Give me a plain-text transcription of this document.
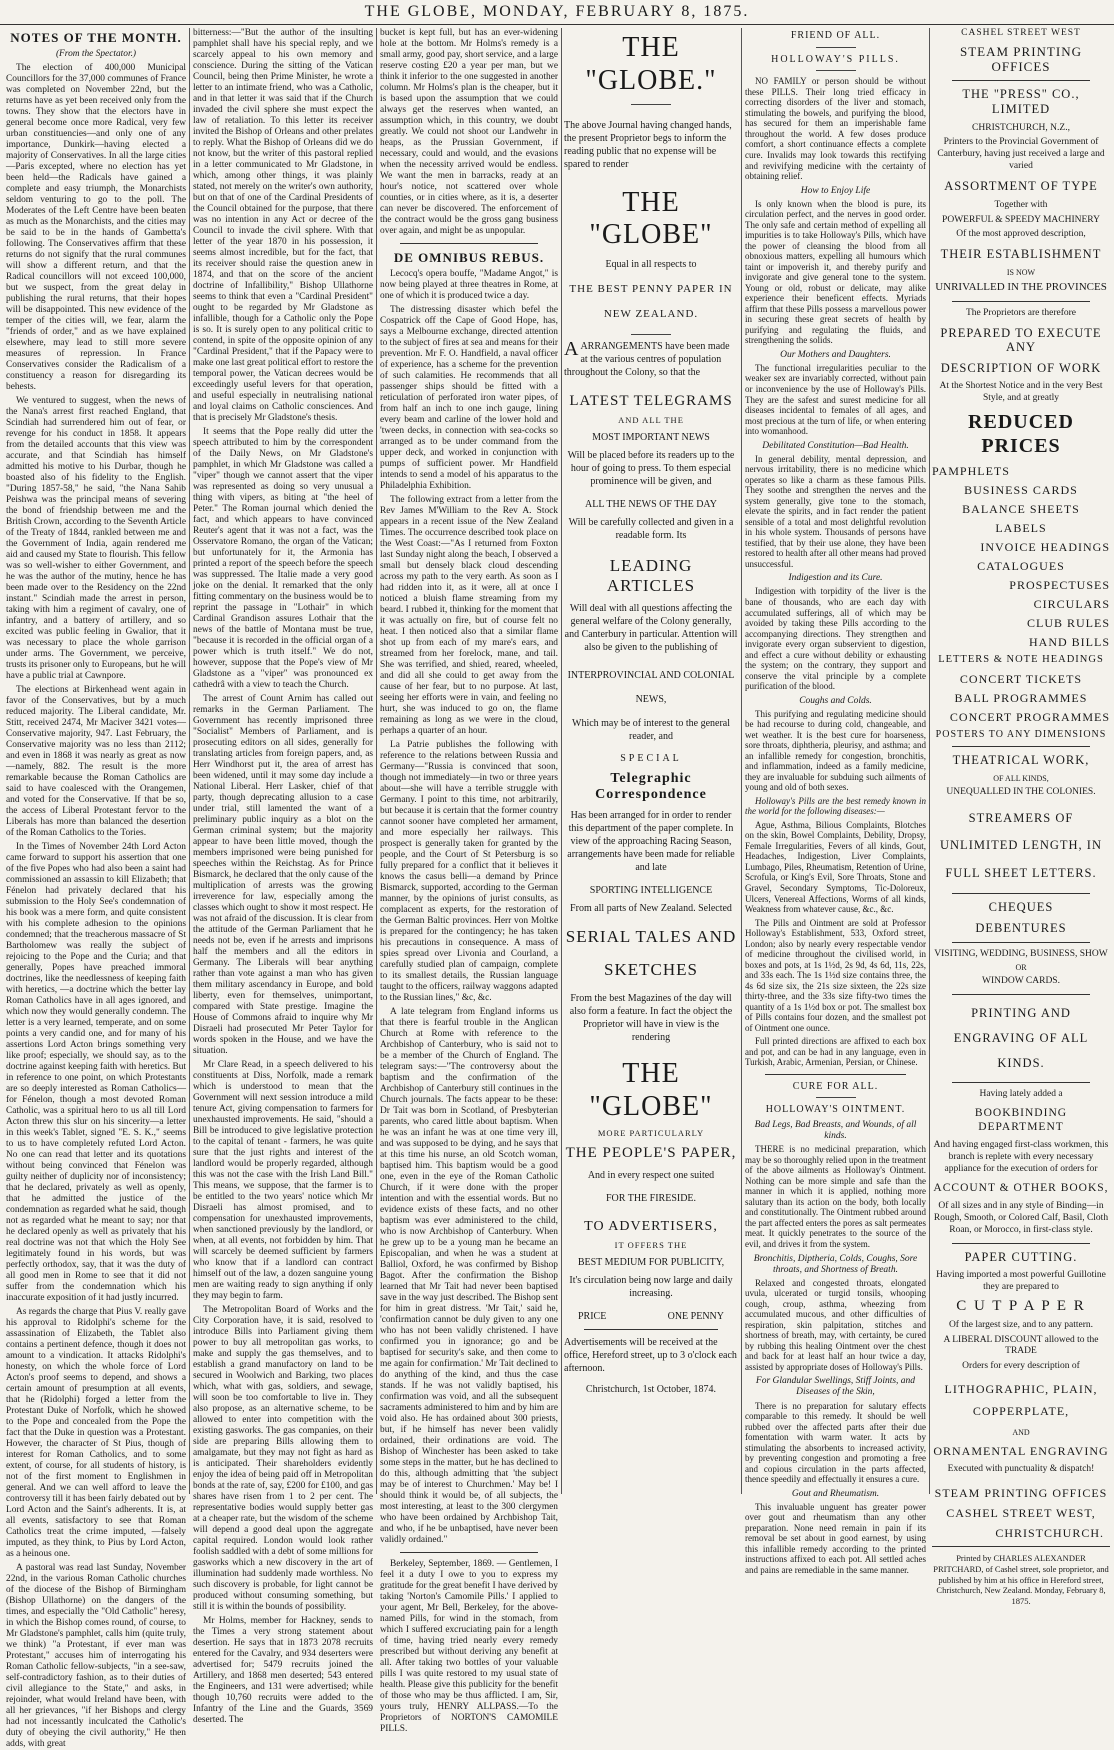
THE GLOBE, MONDAY, FEBRUARY 8, 1875.
NOTES OF THE MONTH.
(From the Spectator.)

The election of 400,000 Municipal Councillors for the 37,000 communes of France was completed on November 22nd, but the returns have as yet been received only from the towns. They show that the electors have in general become once more Radical, very few urban constituencies—and only one of any importance, Dunkirk—having elected a majority of Conservatives. In all the large cities—Paris excepted, where no election has yet been held—the Radicals have gained a complete and easy triumph, the Monarchists seldom venturing to go to the poll. The Moderates of the Left Centre have been beaten as much as the Monarchists, and the cities may be said to be in the hands of Gambetta's following. The Conservatives affirm that these returns do not signify that the rural communes will show a different return, and that the Radical councillors will not exceed 100,000, but we suspect, from the great delay in publishing the rural returns, that their hopes will be disappointed. This new evidence of the temper of the cities will, we fear, alarm the "friends of order," and as we have explained elsewhere, may lead to still more severe measures of repression. In France Conservatives consider the Radicalism of a constituency a reason for disregarding its behests.

We ventured to suggest, when the news of the Nana's arrest first reached England, that Scindiah had surrendered him out of fear, or revenge for his conduct in 1858. It appears from the detailed accounts that this view was accurate, and that Scindiah has himself admitted his motive to his Durbar, though he boasted also of his fidelity to the English. "During 1857-58," he said, "the Nana Sahib Peishwa was the principal means of severing the bond of friendship between me and the British Crown, according to the Seventh Article of the Treaty of 1844, rankled between me and the Government of India, again rendered me aid and caused my State to flourish. This fellow was so well-wisher to either Government, and he was the author of the mutiny, hence he has been made over to the Residency on the 22nd instant." Scindiah made the arrest in person, taking with him a regiment of cavalry, one of infantry, and a battery of artillery, and so excited was public feeling in Gwalior, that it was necessary to place the whole garrison under arms. The Government, we perceive, trusts its prisoner only to Europeans, but he will have a public trial at Cawnpore.

The elections at Birkenhead went again in favor of the Conservatives, but by a much reduced majority. The Liberal candidate, Mr. Stitt, received 2474, Mr Maciver 3421 votes—Conservative majority, 947. Last February, the Conservative majority was no less than 2112; and even in 1868 it was nearly as great as now—namely, 882. The result is the more remarkable because the Roman Catholics are said to have coalesced with the Orangemen, and voted for the Conservative. If that be so, the access of Liberal Protestant fervor to the Liberals has more than balanced the desertion of the Roman Catholics to the Tories.

In the Times of November 24th Lord Acton came forward to support his assertion that one of the five Popes who had also been a saint had commissioned an assassin to kill Elizabeth; that Fénelon had privately declared that his submission to the Holy See's condemnation of his book was a mere form, and quite consistent with his complete adhesion to the opinions condemned; that the treacherous massacre of St Bartholomew was really the subject of rejoicing to the Pope and the Curia; and that generally, Popes have preached immoral doctrines, like the needlessness of keeping faith with heretics, —a doctrine which the better lay Roman Catholics have in all ages ignored, and which now they would generally condemn. The letter is a very learned, temperate, and on some points a very candid one, and for many of his assertions Lord Acton brings something very like proof; especially, we should say, as to the doctrine against keeping faith with heretics. But in reference to one point, on which Protestants are so deeply interested as Roman Catholics—for Fénelon, though a most devoted Roman Catholic, was a spiritual hero to us all till Lord Acton threw this slur on his sincerity—a letter in this week's Tablet, signed "E. S. K.," seems to us to have completely refuted Lord Acton. No one can read that letter and its quotations without being convinced that Fénelon was guilty neither of duplicity nor of inconsistency; that he declared, privately as well as openly, that he admitted the justice of the condemnation as regarded what he said, though not as regarded what he meant to say; nor that he declared openly as well as privately that his real doctrine was not that which the Holy See legitimately found in his words, but was perfectly orthodox, say, that it was the duty of all good men in Rome to see that it did not suffer from the condemnation which his inaccurate exposition of it had justly incurred.

As regards the charge that Pius V. really gave his approval to Ridolphi's scheme for the assassination of Elizabeth, the Tablet also contains a pertinent defence, though it does not amount to a vindication. It attacks Ridolphi's honesty, on which the whole force of Lord Acton's proof seems to depend, and shows a certain amount of presumption at all events, that he (Ridolphi) forged a letter from the Protestant Duke of Norfolk, which he showed to the Pope and concealed from the Pope the fact that the Duke in question was a Protestant. However, the character of St Pius, though of interest for Roman Catholics, and to some extent, of course, for all students of history, is not of the first moment to Englishmen in general. And we can well afford to leave the controversy till it has been fairly debated out by Lord Acton and the Saint's adherents. It is, at all events, satisfactory to see that Roman Catholics treat the crime imputed, —falsely imputed, as they think, to Pius by Lord Acton, as a heinous one.

A pastoral was read last Sunday, November 22nd, in the various Roman Catholic churches of the diocese of the Bishop of Birmingham (Bishop Ullathorne) on the dangers of the times, and especially the "Old Catholic" heresy, in which the Bishop comes round, of course, to Mr Gladstone's pamphlet, calls him (quite truly, we think) "a Protestant, if ever man was Protestant," accuses him of interrogating his Roman Catholic fellow-subjects, "in a see-saw, self-contradictory fashion, as to their duties of civil allegiance to the State," and asks, in rejoinder, what would Ireland have been, with all her grievances, "if her Bishops and clergy had not incessantly inculcated the Catholic's duty of obeying the civil authority," He then adds, with great

bitterness:—"But the author of the insulting pamphlet shall have his special reply, and we scarcely appeal to his own memory and conscience. During the sitting of the Vatican Council, being then Prime Minister, he wrote a letter to an intimate friend, who was a Catholic, and in that letter it was said that if the Church invaded the civil sphere she must expect the law of retaliation. To this letter its receiver invited the Bishop of Orleans and other prelates to reply. What the Bishop of Orleans did we do not know, but the writer of this pastoral replied in a letter communicated to Mr Gladstone, in which, among other things, it was plainly stated, not merely on the writer's own authority, but on that of one of the Cardinal Presidents of the Council obtained for the purpose, that there was no intention in any Act or decree of the Council to invade the civil sphere. With that letter of the year 1870 in his possession, it seems almost incredible, but for the fact, that its receiver should raise the question anew in 1874, and that on the score of the ancient doctrine of Infallibility," Bishop Ullathorne seems to think that even a "Cardinal President" ought to be regarded by Mr Gladstone as infallible, though for a Catholic only the Pope is so. It is surely open to any political critic to contend, in spite of the opposite opinion of any "Cardinal President," that if the Papacy were to make one last great political effort to restore the temporal power, the Vatican decrees would be exceedingly useful levers for that operation, and useful especially in neutralising national and loyal claims on Catholic consciences. And that is precisely Mr Gladstone's thesis.

It seems that the Pope really did utter the speech attributed to him by the correspondent of the Daily News, on Mr Gladstone's pamphlet, in which Mr Gladstone was called a "viper" though we cannot assert that the viper was represented as doing so very unusual a thing with vipers, as biting at "the heel of Peter." The Roman journal which denied the fact, and which appears to have convinced Reuter's agent that it was not a fact, was the Osservatore Romano, the organ of the Vatican; but unfortunately for it, the Armonia has printed a report of the speech before the speech was suppressed. The Italie made a very good joke on the denial. It remarked that the only fitting commentary on the business would be to reprint the passage in "Lothair" in which Cardinal Grandison assures Lothair that the news of the battle of Montana must be true, "because it is recorded in the official organ of a power which is truth itself." We do not, however, suppose that the Pope's view of Mr Gladstone as a "viper" was pronounced ex cathedrâ with a view to teach the Church.

The arrest of Count Arnim has called out remarks in the German Parliament. The Government has recently imprisoned three "Socialist" Members of Parliament, and is prosecuting editors on all sides, generally for translating articles from foreign papers, and, as Herr Windhorst put it, the area of arrest has been widened, until it may some day include a National Liberal. Herr Lasker, chief of that party, though deprecating allusion to a case under trial, still lamented the want of a preliminary public inquiry as a blot on the German criminal system; but the majority appear to have been little moved, though the members imprisoned were being punished for speeches within the Reichstag. As for Prince Bismarck, he declared that the only cause of the multiplication of arrests was the growing irreverence for law, especially among the classes which ought to show it most respect. He was not afraid of the discussion. It is clear from the attitude of the German Parliament that he needs not be, even if he arrests and imprisons half the members and all the editors in Germany. The Liberals will bear anything rather than vote against a man who has given them military ascendancy in Europe, and bold liberty, even for themselves, unimportant, compared with State prestige. Imagine the House of Commons afraid to inquire why Mr Disraeli had prosecuted Mr Peter Taylor for words spoken in the House, and we have the situation.

Mr Clare Read, in a speech delivered to his constituents at Diss, Norfolk, made a remark which is understood to mean that the Government will next session introduce a mild tenure Act, giving compensation to farmers for unexhausted improvements. He said, "should a Bill be introduced to give legislative protection to the capital of tenant - farmers, he was quite sure that the just rights and interest of the landlord would be properly regarded, although this was not the case with the Irish Land Bill." This means, we suppose, that the farmer is to be entitled to the two years' notice which Mr Disraeli has almost promised, and to compensation for unexhausted improvements, when sanctioned previously by the landlord, or when, at all events, not forbidden by him. That will scarcely be deemed sufficient by farmers who know that if a landlord can contract himself out of the law, a dozen sanguine young men are waiting ready to sign anything if only they may begin to farm.

The Metropolitan Board of Works and the City Corporation have, it is said, resolved to introduce Bills into Parliament giving them power to buy all metropolitan gas works, to make and supply the gas themselves, and to establish a grand manufactory on land to be secured in Woolwich and Barking, two places which, what with gas, soldiers, and sewage, will soon be too comfortable to live in. They also propose, as an alternative scheme, to be allowed to enter into competition with the existing gasworks. The gas companies, on their side are preparing Bills allowing them to amalgamate, but they may not fight as hard as is anticipated. Their shareholders evidently enjoy the idea of being paid off in Metropolitan bonds at the rate of, say, £200 for £100, and gas shares have risen from 1 to 2 per cent. The representative bodies would supply better gas at a cheaper rate, but the wisdom of the scheme will depend a good deal upon the aggregate capital required. London would look rather foolish saddled with a debt of some millions for gasworks which a new discovery in the art of illumination had suddenly made worthless. No such discovery is probable, for light cannot be produced without consuming something, but still it is within the bounds of possibility.

Mr Holms, member for Hackney, sends to the Times a very strong statement about desertion. He says that in 1873 2078 recruits entered for the Cavalry, and 934 deserters were advertised for; 5479 recruits joined the Artillery, and 1868 men deserted; 543 entered the Engineers, and 131 were advertised; while though 10,760 recruits were added to the Infantry of the Line and the Guards, 3569 deserted. The

bucket is kept full, but has an ever-widening hole at the bottom. Mr Holms's remedy is a small army, good pay, short service, and a large reserve costing £20 a year per man, but we think it inferior to the one suggested in another column. Mr Holms's plan is the cheaper, but it is based upon the assumption that we could always get the reserves when wanted, an assumption which, in this country, we doubt greatly. We could not shoot our Landwehr in heaps, as the Prussian Government, if necessary, could and would, and the evasions when the necessity arrived would be endless. We want the men in barracks, ready at an hour's notice, not scattered over whole counties, or in cities where, as it is, a deserter can never be discovered. The enforcement of the contract would be the gross gang business over again, and might be as unpopular.

DE OMNIBUS REBUS.

Lecocq's opera bouffe, "Madame Angot," is now being played at three theatres in Rome, at one of which it is produced twice a day.

The distressing disaster which befel the Cospatrick off the Cape of Good Hope, has, says a Melbourne exchange, directed attention to the subject of fires at sea and means for their prevention. Mr F. O. Handfield, a naval officer of experience, has a scheme for the prevention of such calamities. He recommends that all passenger ships should be fitted with a reticulation of perforated iron water pipes, of from half an inch to one inch gauge, lining every beam and carline of the lower hold and 'tween decks, in connection with sea-cocks so arranged as to be under command from the upper deck, and worked in conjunction with pumps of sufficient power. Mr Handfield intends to send a model of his apparatus to the Philadelphia Exhibition.

The following extract from a letter from the Rev James M'William to the Rev A. Stock appears in a recent issue of the New Zealand Times. The occurrence described took place on the West Coast:—"As I returned from Foxton last Sunday night along the beach, I observed a small but densely black cloud descending across my path to the very earth. As soon as I had ridden into it, as it were, all at once I noticed a bluish flame streaming from my beard. I rubbed it, thinking for the moment that it was actually on fire, but of course felt no heat. I then noticed also that a similar flame shot up from each of my mare's ears, and streamed from her forelock, mane, and tail. She was terrified, and shied, reared, wheeled, and did all she could to get away from the cause of her fear, but to no purpose. At last, seeing her efforts were in vain, and feeling no hurt, she was induced to go on, the flame remaining as long as we were in the cloud, perhaps a quarter of an hour.

La Patrie publishes the following with reference to the relations between Russia and Germany—"Russia is convinced that soon, though not immediately—in two or three years about—she will have a terrible struggle with Germany. I point to this time, not arbitrarily, but because it is certain that the former country cannot sooner have completed her armament, and more especially her railways. This prospect is generally taken for granted by the people, and the Court of St Petersburg is so fully prepared for a conflict that it believes it knows the casus belli—a demand by Prince Bismarck, supported, according to the German manner, by the opinions of jurist consults, as complacent as experts, for the restoration of the German Baltic provinces. Herr von Moltke is prepared for the contingency; he has taken his precautions in consequence. A mass of spies spread over Livonia and Courland, a carefully studied plan of campaign, complete to its smallest details, the Russian language taught to the officers, railway waggons adapted to the Russian lines," &c, &c.

A late telegram from England informs us that there is fearful trouble in the Anglican Church at Rome with reference to the Archbishop of Canterbury, who is said not to be a member of the Church of England. The telegram says:—"The controversy about the baptism and the confirmation of the Archbishop of Canterbury still continues in the Church journals. The facts appear to be these: Dr Tait was born in Scotland, of Presbyterian parents, who cared little about baptism. When he was an infant he was at one time very ill, and was supposed to be dying, and he says that at this time his nurse, an old Scotch woman, baptised him. This baptism would be a good one, even in the eye of the Roman Catholic Church, if it were done with the proper intention and with the essential words. But no evidence exists of these facts, and no other baptism was ever administered to the child, who is now Archbishop of Canterbury. When he grew up to be a young man he became an Episcopalian, and when he was a student at Balliol, Oxford, he was confirmed by Bishop Bagot. After the confirmation the Bishop learned that Mr Tait had never been baptised save in the way just described. The Bishop sent for him in great distress. 'Mr Tait,' said he, 'confirmation cannot be duly given to any one who has not been validly christened. I have confirmed you in ignorance; go and be baptised for security's sake, and then come to me again for confirmation.' Mr Tait declined to do anything of the kind, and thus the case stands. If he was not validly baptised, his confirmation was void, and all the subsequent sacraments administered to him and by him are void also. He has ordained about 300 priests, but, if he himself has never been validly ordained, their ordinations are void. The Bishop of Winchester has been asked to take some steps in the matter, but he has declined to do this, although admitting that 'the subject may be of interest to Churchmen.' May be! I should think it would be, of all subjects, the most interesting, at least to the 300 clergymen who have been ordained by Archbishop Tait, and who, if he be unbaptised, have never been validly ordained."

Berkeley, September, 1869. — Gentlemen, I feel it a duty I owe to you to express my gratitude for the great benefit I have derived by taking 'Norton's Camomile Pills.' I applied to your agent, Mr Bell, Berkeley, for the above-named Pills, for wind in the stomach, from which I suffered excruciating pain for a length of time, having tried nearly every remedy prescribed but without deriving any benefit at all. After taking two bottles of your valuable pills I was quite restored to my usual state of health. Please give this publicity for the benefit of those who may be thus afflicted. I am, Sir, yours truly, HENRY ALLPASS.—To the Proprietors of NORTON'S CAMOMILE PILLS.

THE "GLOBE."
The above Journal having changed hands, the present Proprietor begs to inform the reading public that no expense will be spared to render
THE "GLOBE"
Equal in all respects to
THE BEST PENNY PAPER IN NEW ZEALAND.
AARRANGEMENTS have been made at the various centres of population throughout the Colony, so that the
LATEST TELEGRAMS
AND ALL THE
MOST IMPORTANT NEWS
Will be placed before its readers up to the hour of going to press. To them especial prominence will be given, and
ALL THE NEWS OF THE DAY
Will be carefully collected and given in a readable form. Its
LEADING ARTICLES
Will deal with all questions affecting the general welfare of the Colony generally, and Canterbury in particular. Attention will also be given to the publishing of
INTERPROVINCIAL AND COLONIAL NEWS,
Which may be of interest to the general reader, and
SPECIAL
Telegraphic Correspondence
Has been arranged for in order to render this department of the paper complete. In view of the approaching Racing Season, arrangements have been made for reliable and late
SPORTING INTELLIGENCE
From all parts of New Zealand. Selected
SERIAL TALES AND SKETCHES
From the best Magazines of the day will also form a feature. In fact the object the Proprietor will have in view is the rendering
THE "GLOBE"
MORE PARTICULARLY
THE PEOPLE'S PAPER,
And in every respect one suited
FOR THE FIRESIDE.
TO ADVERTISERS,
IT OFFERS THE
BEST MEDIUM FOR PUBLICITY,
It's circulation being now large and daily increasing.
PRICE	ONE PENNY
Advertisements will be received at the office, Hereford street, up to 3 o'clock each afternoon.
Christchurch, 1st October, 1874.
FRIEND OF ALL.
HOLLOWAY'S PILLS.

NO FAMILY or person should be without these PILLS. Their long tried efficacy in correcting disorders of the liver and stomach, stimulating the bowels, and purifying the blood, has secured for them an imperishable fame throughout the world. A few doses produce comfort, a short continuance effects a complete cure. Invalids may look towards this rectifying and revivifying medicine with the certainty of obtaining relief.

How to Enjoy Life

Is only known when the blood is pure, its circulation perfect, and the nerves in good order. The only safe and certain method of expelling all impurities is to take Holloway's Pills, which have the power of cleansing the blood from all obnoxious matters, expelling all humours which taint or impoverish it, and thereby purify and invigorate and give general tone to the system. Young or old, robust or delicate, may alike experience their beneficent effects. Myriads affirm that these Pills possess a marvellous power in securing these great secrets of health by purifying and regulating the fluids, and strengthening the solids.

Our Mothers and Daughters.

The functional irregularities peculiar to the weaker sex are invariably corrected, without pain or inconvenience by the use of Holloway's Pills. They are the safest and surest medicine for all diseases incidental to females of all ages, and most precious at the turn of life, or when entering into womanhood.

Debilitated Constitution—Bad Health.

In general debility, mental depression, and nervous irritability, there is no medicine which operates so like a charm as these famous Pills. They soothe and strengthen the nerves and the system generally, give tone to the stomach, elevate the spirits, and in fact render the patient sensible of a total and most delightful revolution in his whole system. Thousands of persons have testified, that by their use alone, they have been restored to health after all other means had proved unsuccessful.

Indigestion and its Cure.

Indigestion with torpidity of the liver is the bane of thousands, who are each day with accumulated sufferings, all of which may be avoided by taking these Pills according to the accompanying directions. They strengthen and invigorate every organ subservient to digestion, and effect a cure without debility or exhausting the system; on the contrary, they support and conserve the vital principle by a complete purification of the blood.

Coughs and Colds.

This purifying and regulating medicine should be had recourse to during cold, changeable, and wet weather. It is the best cure for hoarseness, sore throats, diphtheria, pleurisy, and asthma; and an infallible remedy for congestion, bronchitis, and inflammation, indeed as a family medicine, they are invaluable for subduing such ailments of young and old of both sexes.

Holloway's Pills are the best remedy known in the world for the following diseases:—

Ague, Asthma, Bilious Complaints, Blotches on the skin, Bowel Complaints, Debility, Dropsy, Female Irregularities, Fevers of all kinds, Gout, Headaches, Indigestion, Liver Complaints, Lumbago, Piles, Rheumatism, Retention of Urine, Scrofula, or King's Evil, Sore Throats, Stone and Gravel, Secondary Symptoms, Tic-Doloreux, Ulcers, Venereal Affections, Worms of all kinds, Weakness from whatever cause, &c., &c.

The Pills and Ointment are sold at Professor Holloway's Establishment, 533, Oxford street, London; also by nearly every respectable vendor of medicine throughout the civilised world, in boxes and pots, at 1s 1½d, 2s 9d, 4s 6d, 11s, 22s, and 33s each. The 1s 1½d size contains three, the 4s 6d size six, the 21s size sixteen, the 22s size thirty-three, and the 33s size fifty-two times the quantity of a 1s 1½d box or pot. The smallest box of Pills contains four dozen, and the smallest pot of Ointment one ounce.

Full printed directions are affixed to each box and pot, and can be had in any language, even in Turkish, Arabic, Armenian, Persian, or Chinese.

CURE FOR ALL.
HOLLOWAY'S OINTMENT.
Bad Legs, Bad Breasts, and Wounds, of all kinds.

THERE is no medicinal preparation, which may be so thoroughly relied upon in the treatment of the above ailments as Holloway's Ointment. Nothing can be more simple and safe than the manner in which it is applied, nothing more salutary than its action on the body, both locally and constitutionally. The Ointment rubbed around the part affected enters the pores as salt permeates meat. It quickly penetrates to the source of the evil, and drives it from the system.

Bronchitis, Diptheria, Colds, Coughs, Sore throats, and Shortness of Breath.

Relaxed and congested throats, elongated uvula, ulcerated or turgid tonsils, whooping cough, croup, asthma, wheezing from accumulated mucous, and other difficulties of respiration, skin palpitation, stitches and shortness of breath, may, with certainty, be cured by rubbing this healing Ointment over the chest and back for at least half an hour twice a day, assisted by appropriate doses of Holloway's Pills.

For Glandular Swellings, Stiff Joints, and Diseases of the Skin,

There is no preparation for salutary effects comparable to this remedy. It should be well rubbed over the affected parts after their due fomentation with warm water. It acts by stimulating the absorbents to increased activity, by preventing congestion and promoting a free and copious circulation in the parts affected, thence speedily and effectually it ensures a cure.

Gout and Rheumatism.

This invaluable unguent has greater power over gout and rheumatism than any other preparation. None need remain in pain if its removal be set about in good earnest, by using this infallible remedy according to the printed instructions affixed to each pot. All settled aches and pains are remediable in the same manner.

CASHEL STREET WEST
STEAM PRINTING OFFICES
THE "PRESS" CO., LIMITED
CHRISTCHURCH, N.Z.,
Printers to the Provincial Government of Canterbury, having just received a large and varied
ASSORTMENT OF TYPE
Together with
POWERFUL & SPEEDY MACHINERY
Of the most approved description,
THEIR ESTABLISHMENT
IS NOW
UNRIVALLED IN THE PROVINCES
The Proprietors are therefore
PREPARED TO EXECUTE ANY
DESCRIPTION OF WORK
At the Shortest Notice and in the very Best Style, and at greatly
REDUCED PRICES
PAMPHLETS
BUSINESS CARDS
BALANCE SHEETS
LABELS
INVOICE HEADINGS
CATALOGUES
PROSPECTUSES
CIRCULARS
CLUB RULES
HAND BILLS
LETTERS & NOTE HEADINGS
CONCERT TICKETS
BALL PROGRAMMES
CONCERT PROGRAMMES
POSTERS TO ANY DIMENSIONS
THEATRICAL WORK,
OF ALL KINDS,
UNEQUALLED IN THE COLONIES.
STREAMERS OF UNLIMITED LENGTH, IN FULL SHEET LETTERS.
CHEQUES
DEBENTURES
VISITING, WEDDING, BUSINESS, SHOW
OR
WINDOW CARDS.
PRINTING AND ENGRAVING OF ALL KINDS.
Having lately added a
BOOKBINDING DEPARTMENT
And having engaged first-class workmen, this branch is replete with every necessary appliance for the execution of orders for
ACCOUNT & OTHER BOOKS,
Of all sizes and in any style of Binding—in Rough, Smooth, or Colored Calf, Basil, Cloth Roan, or Morocco, in first-class style.
PAPER CUTTING.
Having imported a most powerful Guillotine they are prepared to
C U T P A P E R
Of the largest size, and to any pattern.
A LIBERAL DISCOUNT allowed to the TRADE
Orders for every description of
LITHOGRAPHIC, PLAIN, COPPERPLATE,
AND
ORNAMENTAL ENGRAVING
Executed with punctuality & dispatch!
STEAM PRINTING OFFICES
CASHEL STREET WEST,
CHRISTCHURCH.
Printed by CHARLES ALEXANDER PRITCHARD, of Cashel street, sole proprietor, and published by him at his office in Hereford street, Christchurch, New Zealand. Monday, February 8, 1875.
